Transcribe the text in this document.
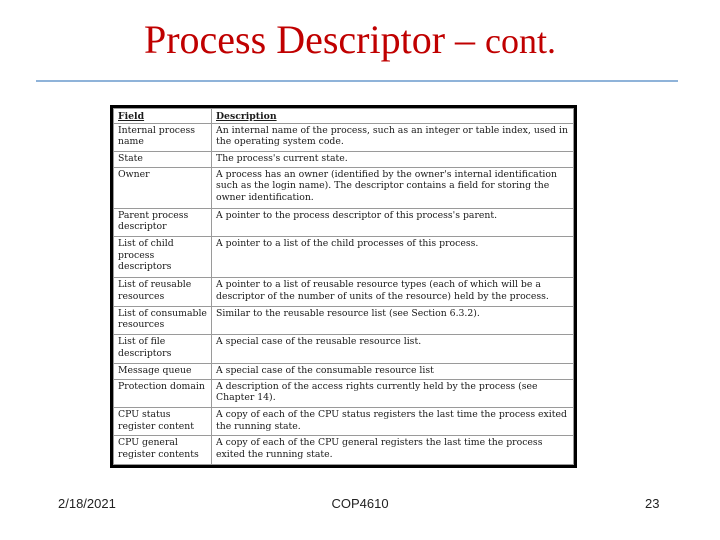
Process Descriptor – cont.
Field	Description
Internal process name	An internal name of the process, such as an integer or table index, used in the operating system code.
State	The process's current state.
Owner	A process has an owner (identified by the owner's internal identification such as the login name). The descriptor contains a field for storing the owner identification.
Parent process descriptor	A pointer to the process descriptor of this process's parent.
List of child process descriptors	A pointer to a list of the child processes of this process.
List of reusable resources	A pointer to a list of reusable resource types (each of which will be a descriptor of the number of units of the resource) held by the process.
List of consumable resources	Similar to the reusable resource list (see Section 6.3.2).
List of file descriptors	A special case of the reusable resource list.
Message queue	A special case of the consumable resource list
Protection domain	A description of the access rights currently held by the process (see Chapter 14).
CPU status register content	A copy of each of the CPU status registers the last time the process exited the running state.
CPU general register contents	A copy of each of the CPU general registers the last time the process exited the running state.
2/18/2021	COP4610	23
